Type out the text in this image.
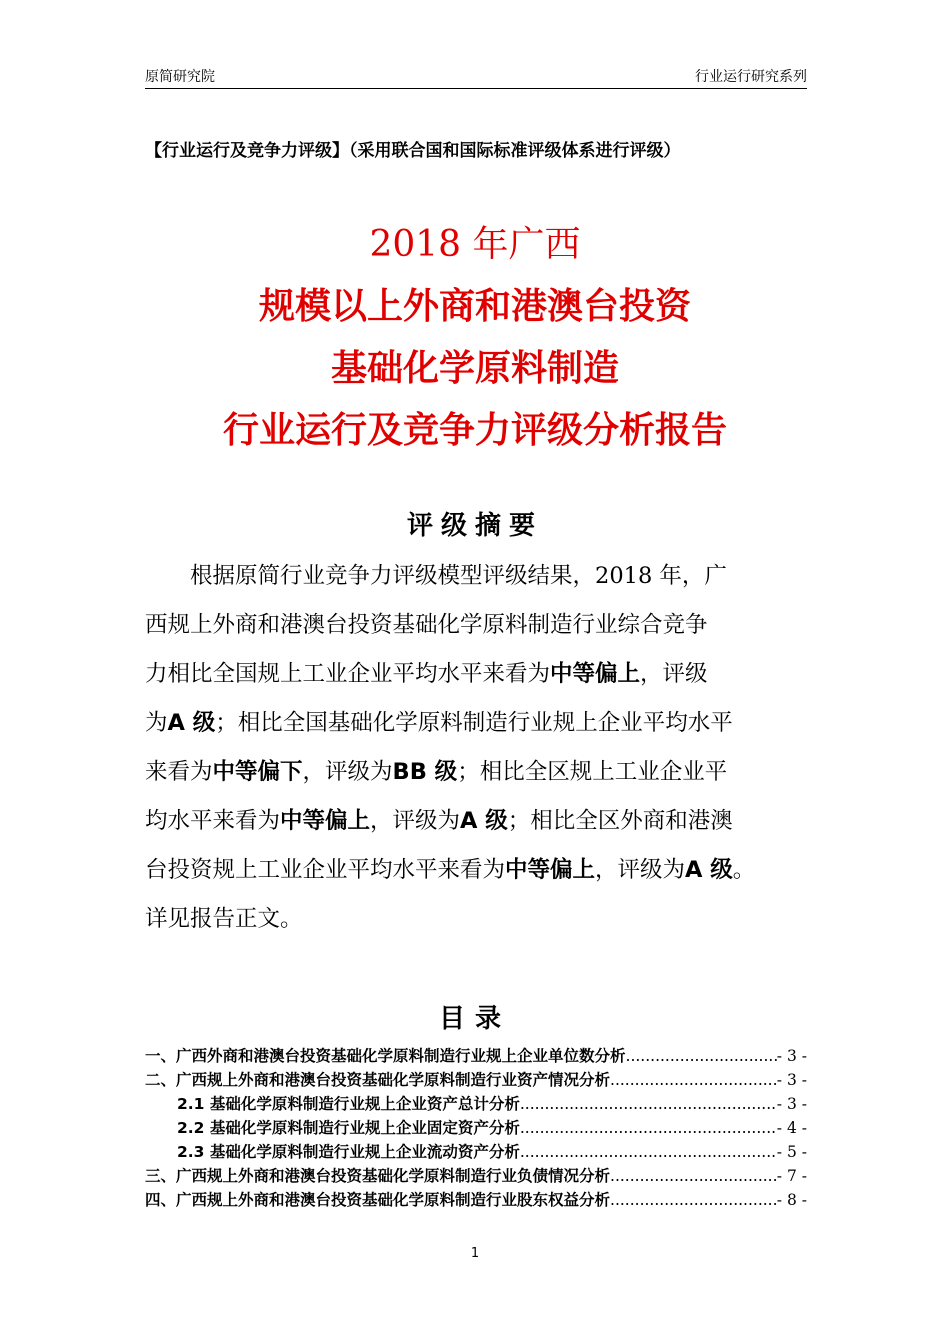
原简研究院	行业运行研究系列
【行业运行及竞争力评级】（采用联合国和国际标准评级体系进行评级）
2018 年广西
规模以上外商和港澳台投资
基础化学原料制造
行业运行及竞争力评级分析报告
评级摘要
根据原简行业竞争力评级模型评级结果，2018 年，广
西规上外商和港澳台投资基础化学原料制造行业综合竞争
力相比全国规上工业企业平均水平来看为中等偏上，评级
为A 级；相比全国基础化学原料制造行业规上企业平均水平
来看为中等偏下，评级为BB 级；相比全区规上工业企业平
均水平来看为中等偏上，评级为A 级；相比全区外商和港澳
台投资规上工业企业平均水平来看为中等偏上，评级为A 级。
详见报告正文。
目录
一、广西外商和港澳台投资基础化学原料制造行业规上企业单位数分析 .....	- 3 -
二、广西规上外商和港澳台投资基础化学原料制造行业资产情况分析 .....	- 3 -
2.1 基础化学原料制造行业规上企业资产总计分析 .....	- 3 -
2.2 基础化学原料制造行业规上企业固定资产分析 .....	- 4 -
2.3 基础化学原料制造行业规上企业流动资产分析 .....	- 5 -
三、广西规上外商和港澳台投资基础化学原料制造行业负债情况分析 .....	- 7 -
四、广西规上外商和港澳台投资基础化学原料制造行业股东权益分析 .....	- 8 -
1
